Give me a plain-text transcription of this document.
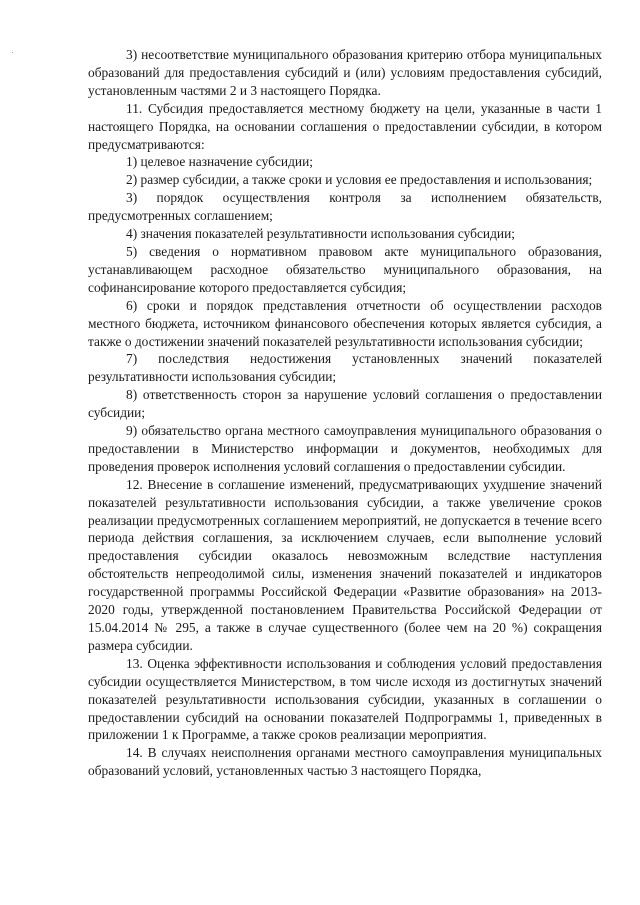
3) несоответствие муниципального образования критерию отбора муниципальных образований для предоставления субсидий и (или) условиям предоставления субсидий, установленным частями 2 и 3 настоящего Порядка.

11. Субсидия предоставляется местному бюджету на цели, указанные в части 1 настоящего Порядка, на основании соглашения о предоставлении субсидии, в котором предусматриваются:

1) целевое назначение субсидии;

2) размер субсидии, а также сроки и условия ее предоставления и использования;

3) порядок осуществления контроля за исполнением обязательств, предусмотренных соглашением;

4) значения показателей результативности использования субсидии;

5) сведения о нормативном правовом акте муниципального образования, устанавливающем расходное обязательство муниципального образования, на софинансирование которого предоставляется субсидия;

6) сроки и порядок представления отчетности об осуществлении расходов местного бюджета, источником финансового обеспечения которых является субсидия, а также о достижении значений показателей результативности использования субсидии;

7) последствия недостижения установленных значений показателей результативности использования субсидии;

8) ответственность сторон за нарушение условий соглашения о предоставлении субсидии;

9) обязательство органа местного самоуправления муниципального образования о предоставлении в Министерство информации и документов, необходимых для проведения проверок исполнения условий соглашения о предоставлении субсидии.

12. Внесение в соглашение изменений, предусматривающих ухудшение значений показателей результативности использования субсидии, а также увеличение сроков реализации предусмотренных соглашением мероприятий, не допускается в течение всего периода действия соглашения, за исключением случаев, если выполнение условий предоставления субсидии оказалось невозможным вследствие наступления обстоятельств непреодолимой силы, изменения значений показателей и индикаторов государственной программы Российской Федерации «Развитие образования» на 2013-2020 годы, утвержденной постановлением Правительства Российской Федерации от 15.04.2014 № 295, а также в случае существенного (более чем на 20 %) сокращения размера субсидии.

13. Оценка эффективности использования и соблюдения условий предоставления субсидии осуществляется Министерством, в том числе исходя из достигнутых значений показателей результативности использования субсидии, указанных в соглашении о предоставлении субсидий на основании показателей Подпрограммы 1, приведенных в приложении 1 к Программе, а также сроков реализации мероприятия.

14. В случаях неисполнения органами местного самоуправления муниципальных образований условий, установленных частью 3 настоящего Порядка,
